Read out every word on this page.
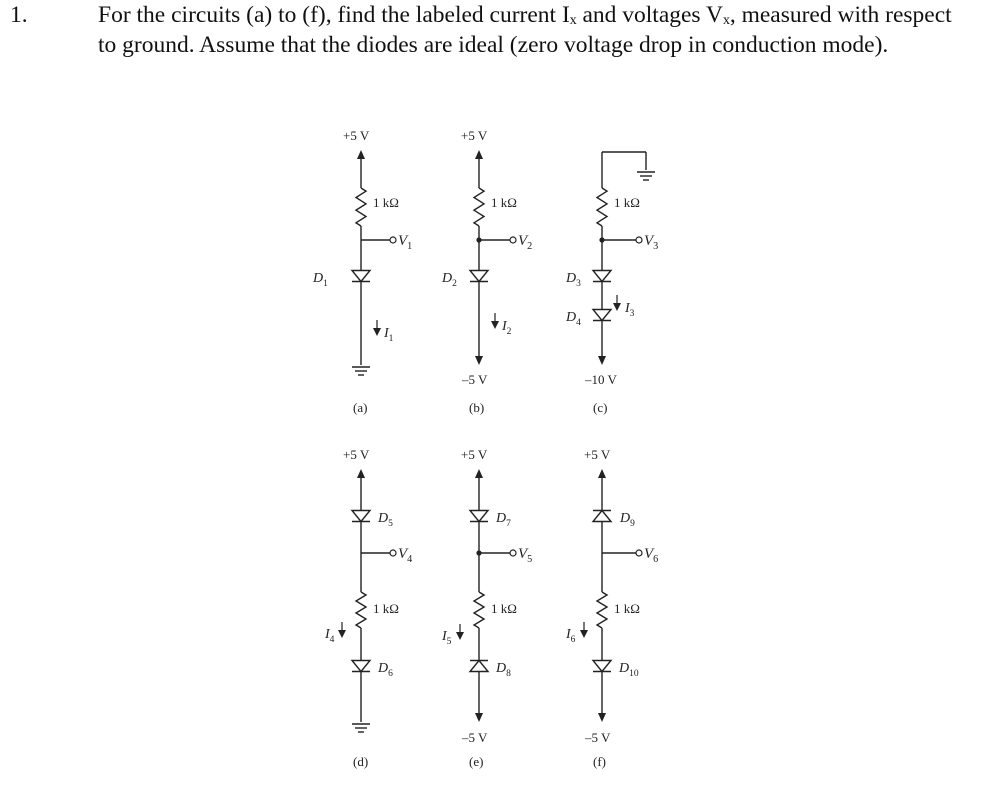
1.	For the circuits (a) to (f), find the labeled current Iₓ and voltages Vₓ, measured with respect
to ground. Assume that the diodes are ideal (zero voltage drop in conduction mode).
+5 V
1 kΩ
$V_1$
$D_1$
$I_1$
(a)
+5 V
1 kΩ
$V_2$
$D_2$
$I_2$
–5 V
(b)
1 kΩ
$V_3$
$D_3$
$D_4$
$I_3$
–10 V
(c)
+5 V
$D_5$
$V_4$
1 kΩ
$I_4$
$D_6$
(d)
+5 V
$D_7$
$V_5$
1 kΩ
$I_5$
$D_8$
–5 V
(e)
+5 V
$D_9$
$V_6$
1 kΩ
$I_6$
$D_{10}$
–5 V
(f)
